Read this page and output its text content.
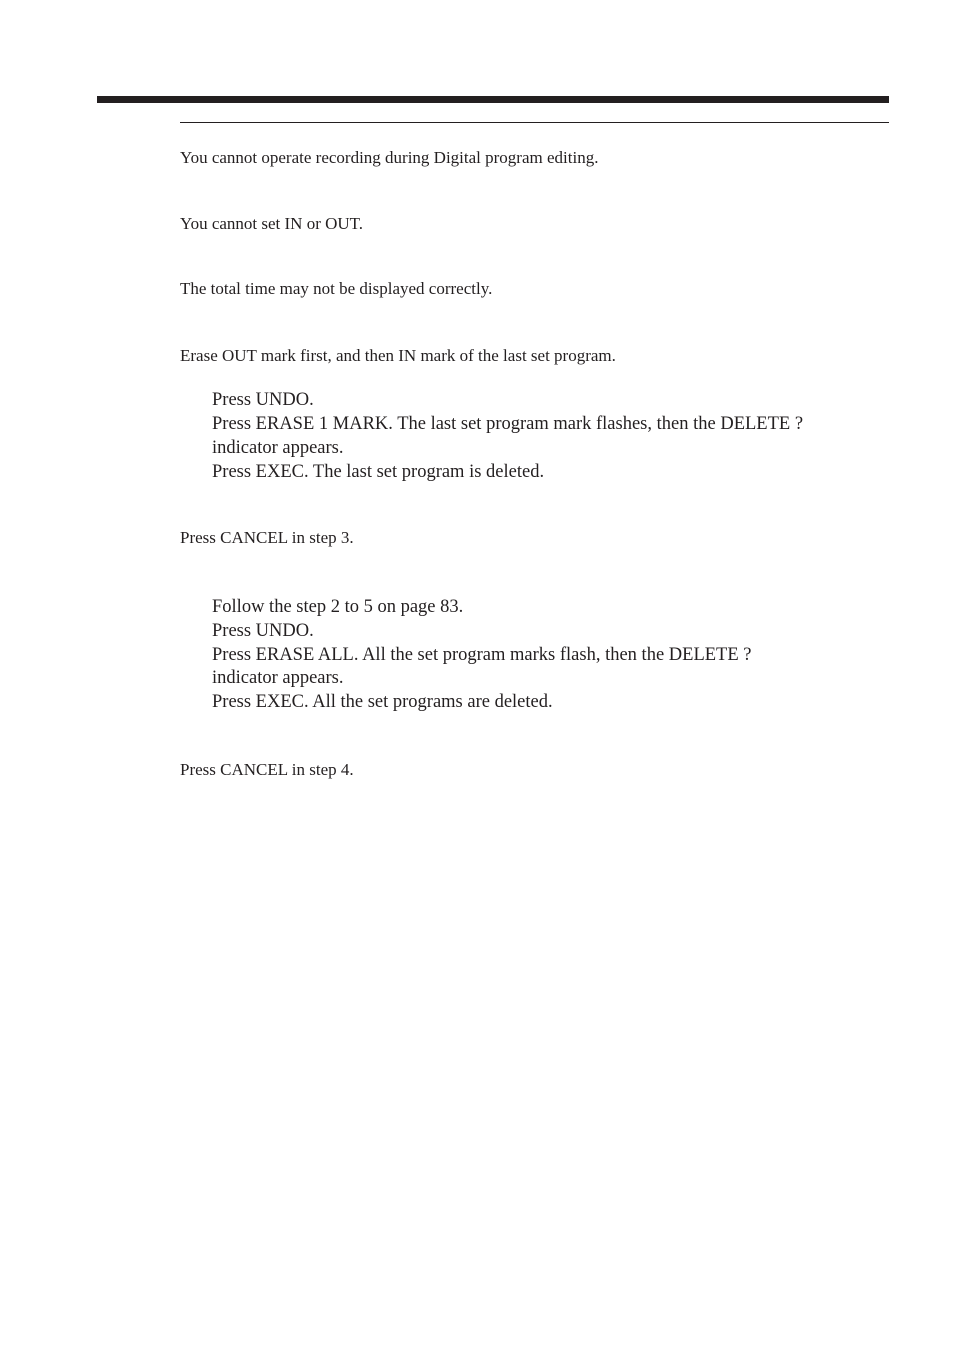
You cannot operate recording during Digital program editing.
You cannot set IN or OUT.
The total time may not be displayed correctly.
Erase OUT mark first, and then IN mark of the last set program.
Press UNDO.
Press ERASE 1 MARK. The last set program mark flashes, then the DELETE ?
indicator appears.
Press EXEC. The last set program is deleted.
Press CANCEL in step 3.
Follow the step 2 to 5 on page 83.
Press UNDO.
Press ERASE ALL. All the set program marks flash, then the DELETE ?
indicator appears.
Press EXEC. All the set programs are deleted.
Press CANCEL in step 4.
